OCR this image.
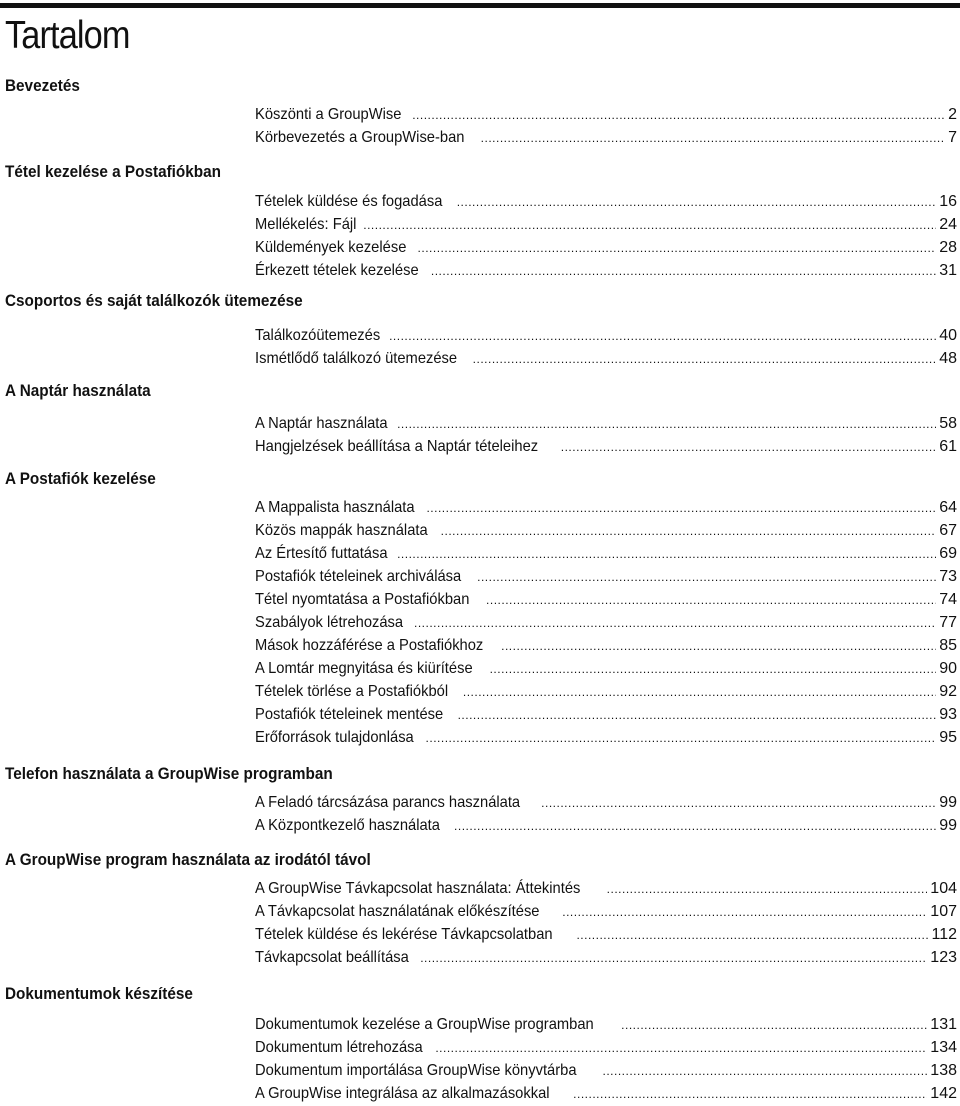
Tartalom
Bevezetés
Köszönti a GroupWise .....	2
Körbevezetés a GroupWise-ban .....	7
Tétel kezelése a Postafiókban
Tételek küldése és fogadása .....	16
Mellékelés: Fájl .....	24
Küldemények kezelése .....	28
Érkezett tételek kezelése .....	31
Csoportos és saját találkozók ütemezése
Találkozóütemezés .....	40
Ismétlődő találkozó ütemezése .....	48
A Naptár használata
A Naptár használata .....	58
Hangjelzések beállítása a Naptár tételeihez .....	61
A Postafiók kezelése
A Mappalista használata .....	64
Közös mappák használata .....	67
Az Értesítő futtatása .....	69
Postafiók tételeinek archiválása .....	73
Tétel nyomtatása a Postafiókban .....	74
Szabályok létrehozása .....	77
Mások hozzáférése a Postafiókhoz .....	85
A Lomtár megnyitása és kiürítése .....	90
Tételek törlése a Postafiókból .....	92
Postafiók tételeinek mentése .....	93
Erőforrások tulajdonlása .....	95
Telefon használata a GroupWise programban
A Feladó tárcsázása parancs használata .....	99
A Központkezelő használata .....	99
A GroupWise program használata az irodától távol
A GroupWise Távkapcsolat használata: Áttekintés .....	104
A Távkapcsolat használatának előkészítése .....	107
Tételek küldése és lekérése Távkapcsolatban .....	112
Távkapcsolat beállítása .....	123
Dokumentumok készítése
Dokumentumok kezelése a GroupWise programban .....	131
Dokumentum létrehozása .....	134
Dokumentum importálása GroupWise könyvtárba .....	138
A GroupWise integrálása az alkalmazásokkal .....	142
